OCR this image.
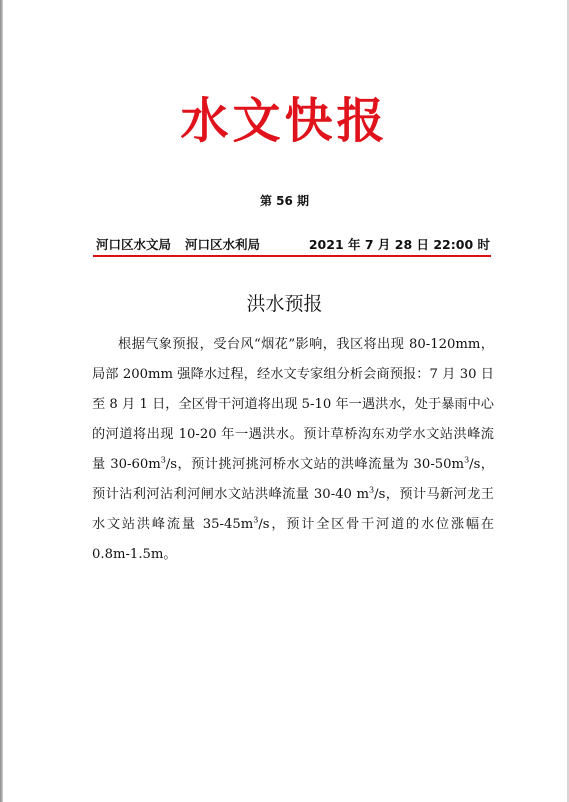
水文快报
第 56 期
河口区水文局 河口区水利局	2021 年 7 月 28 日 22:00 时
洪水预报

根据气象预报，受台风“烟花”影响，我区将出现 80-120mm，局部 200mm 强降水过程，经水文专家组分析会商预报：7 月 30 日至 8 月 1 日，全区骨干河道将出现 5-10 年一遇洪水，处于暴雨中心的河道将出现 10-20 年一遇洪水。预计草桥沟东劝学水文站洪峰流量 $30-60m^3/s$，预计挑河挑河桥水文站的洪峰流量为 $30-50m^3/s$，预计沾利河沾利河闸水文站洪峰流量 30-40 $m^3/s$，预计马新河龙王水文站洪峰流量 $35-45m^3/s$，预计全区骨干河道的水位涨幅在 0.8m-1.5m。
